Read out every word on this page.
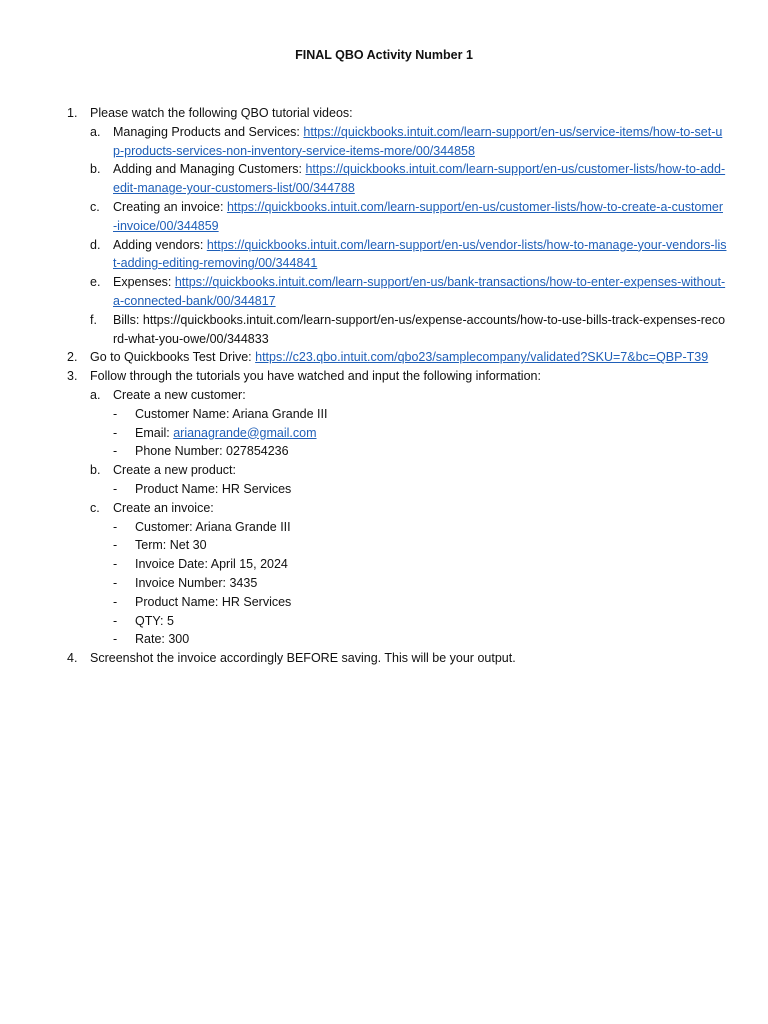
FINAL QBO Activity Number 1
1. Please watch the following QBO tutorial videos:
a. Managing Products and Services: https://quickbooks.intuit.com/learn-support/en-us/service-items/how-to-set-up-products-services-non-inventory-service-items-more/00/344858
b. Adding and Managing Customers: https://quickbooks.intuit.com/learn-support/en-us/customer-lists/how-to-add-edit-manage-your-customers-list/00/344788
c. Creating an invoice: https://quickbooks.intuit.com/learn-support/en-us/customer-lists/how-to-create-a-customer-invoice/00/344859
d. Adding vendors: https://quickbooks.intuit.com/learn-support/en-us/vendor-lists/how-to-manage-your-vendors-list-adding-editing-removing/00/344841
e. Expenses: https://quickbooks.intuit.com/learn-support/en-us/bank-transactions/how-to-enter-expenses-without-a-connected-bank/00/344817
f. Bills: https://quickbooks.intuit.com/learn-support/en-us/expense-accounts/how-to-use-bills-track-expenses-record-what-you-owe/00/344833
2. Go to Quickbooks Test Drive: https://c23.qbo.intuit.com/qbo23/samplecompany/validated?SKU=7&bc=QBP-T39
3. Follow through the tutorials you have watched and input the following information:
a. Create a new customer:
- Customer Name: Ariana Grande III
- Email: arianagrande@gmail.com
- Phone Number: 027854236
b. Create a new product:
- Product Name: HR Services
c. Create an invoice:
- Customer: Ariana Grande III
- Term: Net 30
- Invoice Date: April 15, 2024
- Invoice Number: 3435
- Product Name: HR Services
- QTY: 5
- Rate: 300
4. Screenshot the invoice accordingly BEFORE saving. This will be your output.
